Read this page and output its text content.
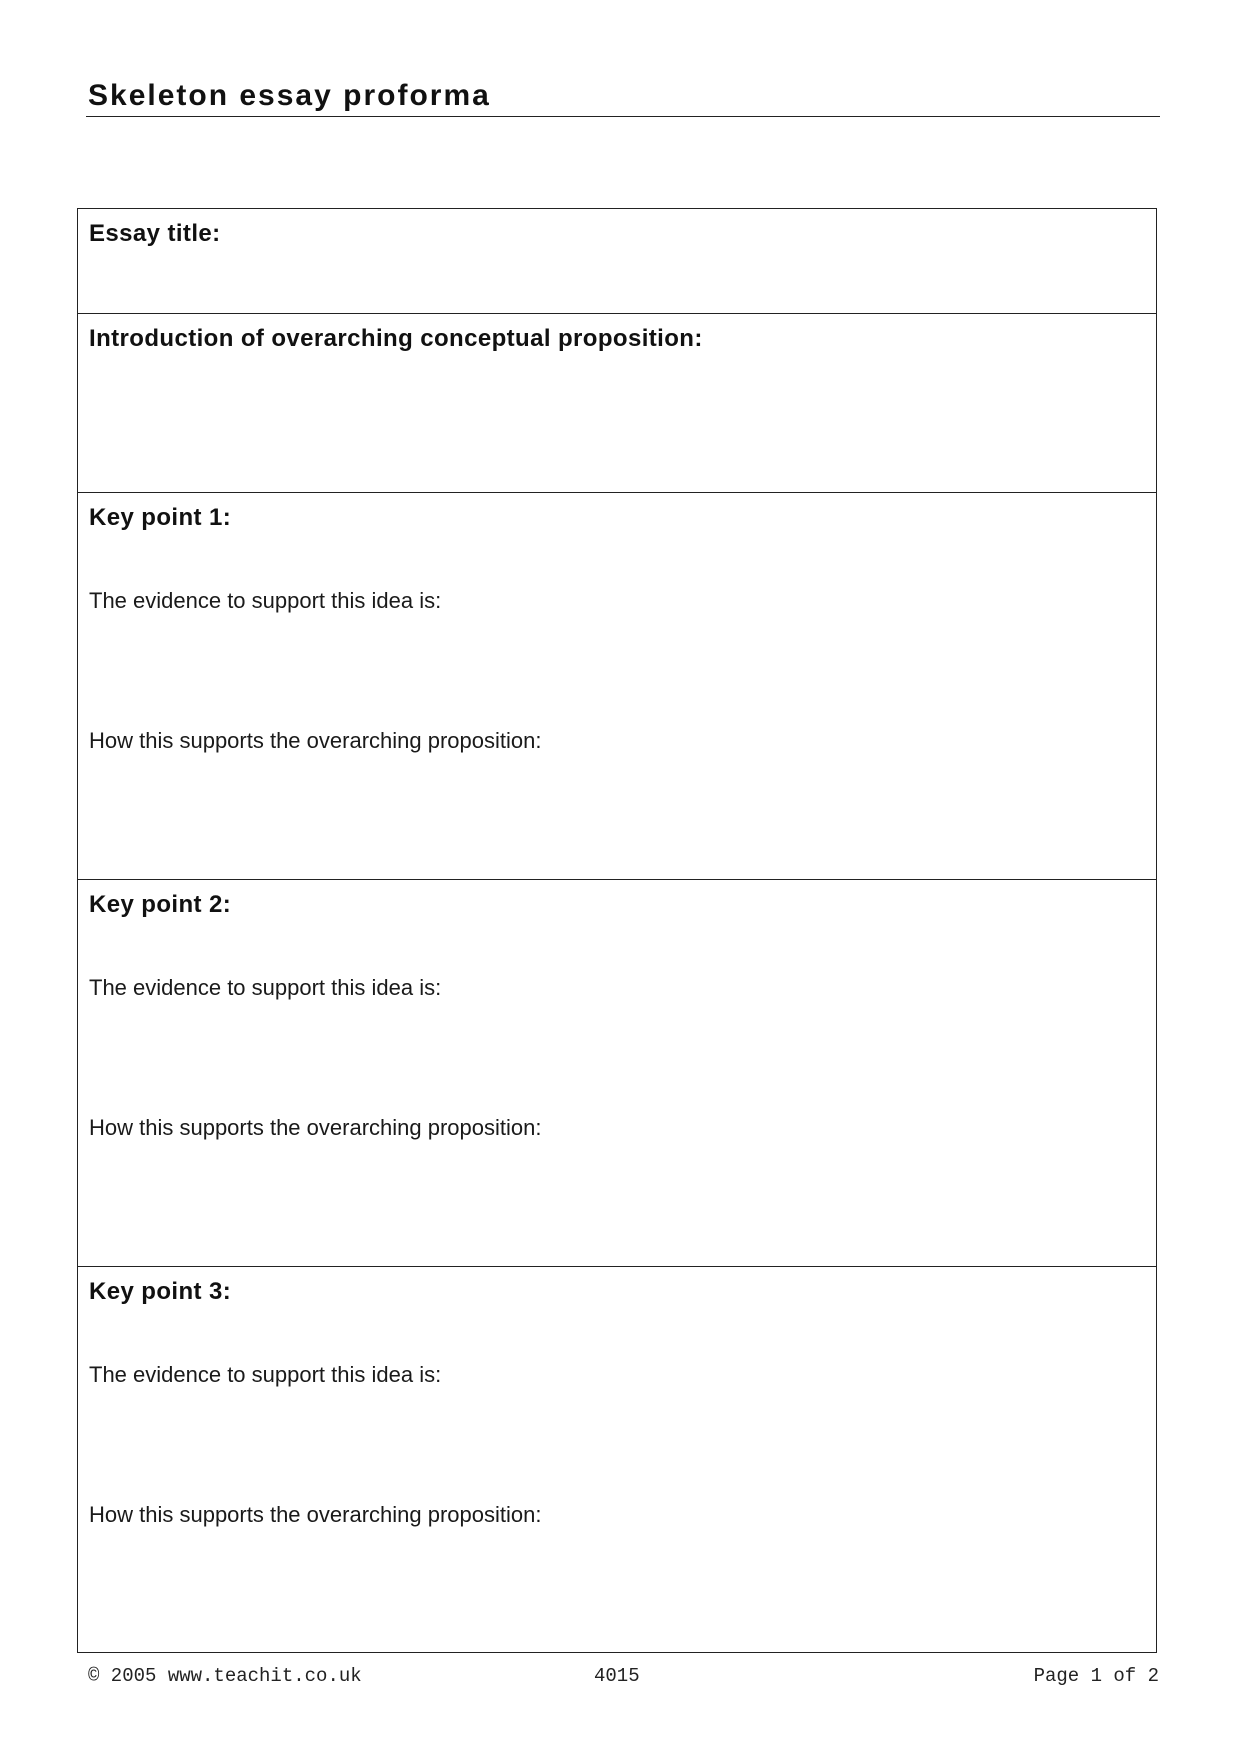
Skeleton essay proforma
Essay title:
Introduction of overarching conceptual proposition:
Key point 1:
The evidence to support this idea is:
How this supports the overarching proposition:
Key point 2:
The evidence to support this idea is:
How this supports the overarching proposition:
Key point 3:
The evidence to support this idea is:
How this supports the overarching proposition:
© 2005 www.teachit.co.uk	4015	Page 1 of 2
